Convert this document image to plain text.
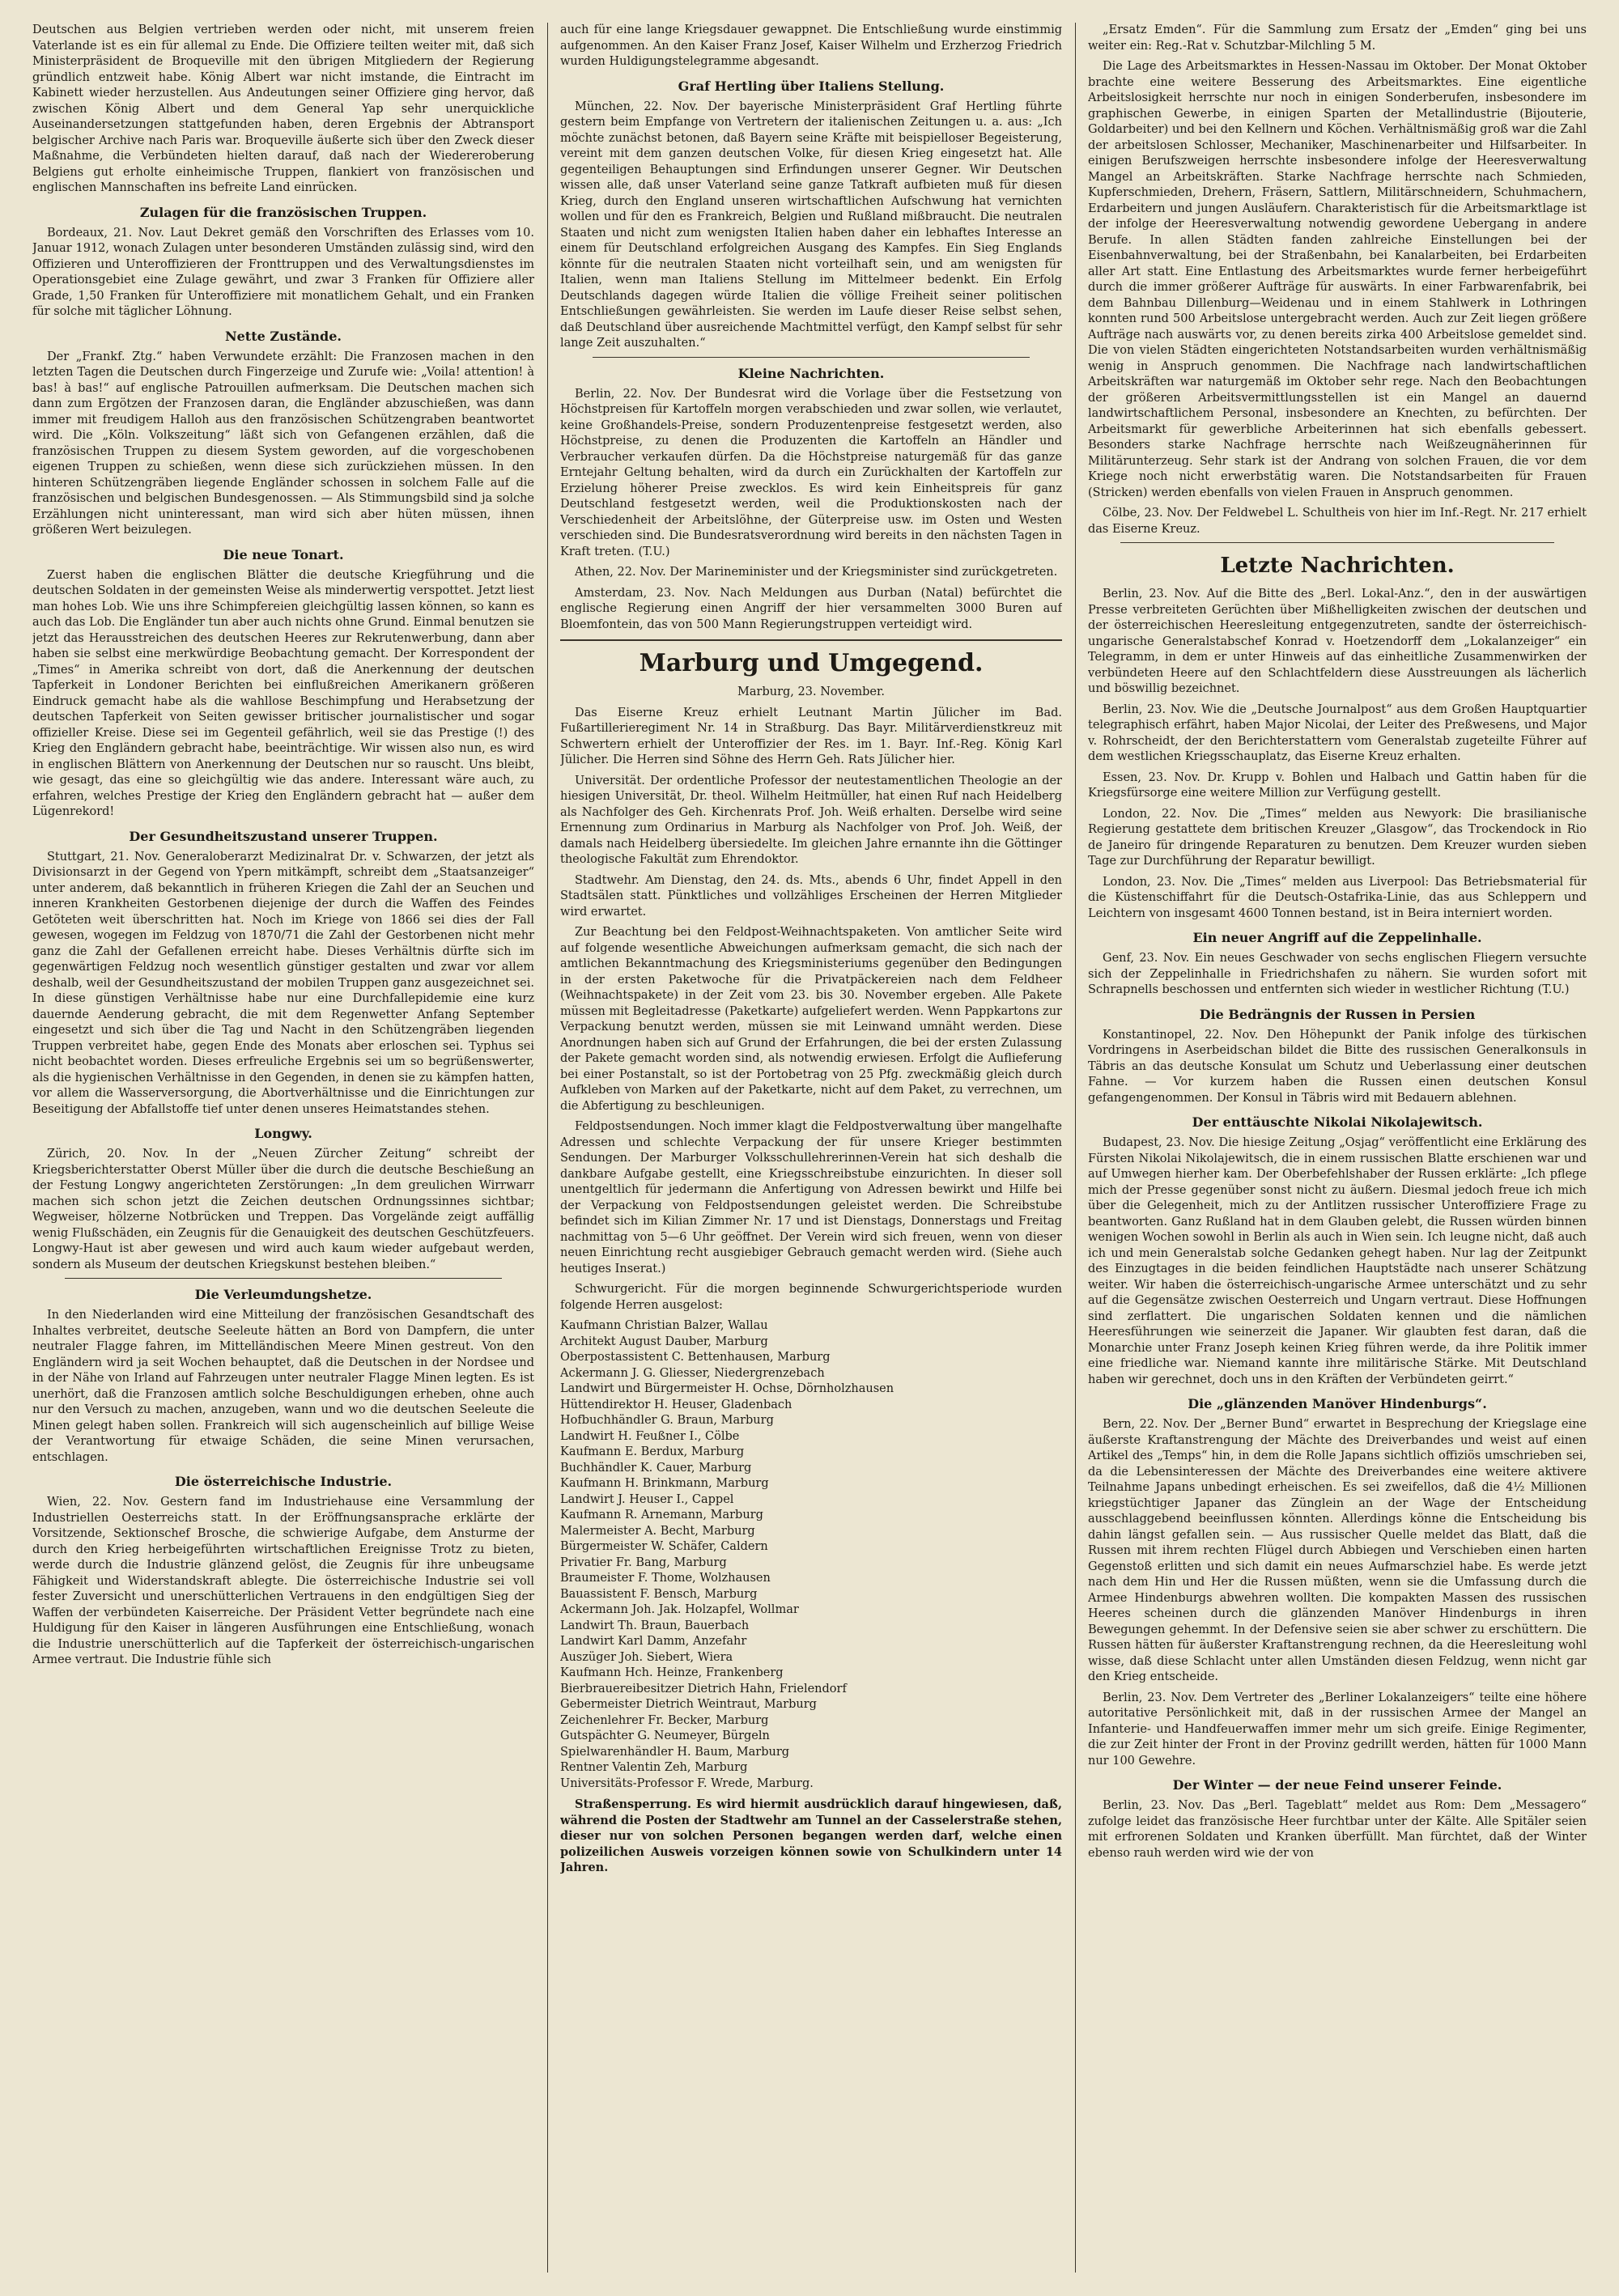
Deutschen aus Belgien vertrieben werden oder nicht, mit unserem freien Vaterlande ist es ein für allemal zu Ende. Die Offiziere teilten weiter mit, daß sich Ministerpräsident de Broqueville mit den übrigen Mitgliedern der Regierung gründlich entzweit habe. König Albert war nicht imstande, die Eintracht im Kabinett wieder herzustellen. Aus Andeutungen seiner Offiziere ging hervor, daß zwischen König Albert und dem General Yap sehr unerquickliche Auseinandersetzungen stattgefunden haben, deren Ergebnis der Abtransport belgischer Archive nach Paris war. Broqueville äußerte sich über den Zweck dieser Maßnahme, die Verbündeten hielten darauf, daß nach der Wiedereroberung Belgiens gut erholte einheimische Truppen, flankiert von französischen und englischen Mannschaften ins befreite Land einrücken.

Zulagen für die französischen Truppen.

Bordeaux, 21. Nov. Laut Dekret gemäß den Vorschriften des Erlasses vom 10. Januar 1912, wonach Zulagen unter besonderen Umständen zulässig sind, wird den Offizieren und Unteroffizieren der Fronttruppen und des Verwaltungsdienstes im Operationsgebiet eine Zulage gewährt, und zwar 3 Franken für Offiziere aller Grade, 1,50 Franken für Unteroffiziere mit monatlichem Gehalt, und ein Franken für solche mit täglicher Löhnung.

Nette Zustände.

Der „Frankf. Ztg.“ haben Verwundete erzählt: Die Franzosen machen in den letzten Tagen die Deutschen durch Fingerzeige und Zurufe wie: „Voila! attention! à bas! à bas!“ auf englische Patrouillen aufmerksam. Die Deutschen machen sich dann zum Ergötzen der Franzosen daran, die Engländer abzuschießen, was dann immer mit freudigem Halloh aus den französischen Schützengraben beantwortet wird. Die „Köln. Volkszeitung“ läßt sich von Gefangenen erzählen, daß die französischen Truppen zu diesem System geworden, auf die vorgeschobenen eigenen Truppen zu schießen, wenn diese sich zurückziehen müssen. In den hinteren Schützengräben liegende Engländer schossen in solchem Falle auf die französischen und belgischen Bundesgenossen. — Als Stimmungsbild sind ja solche Erzählungen nicht uninteressant, man wird sich aber hüten müssen, ihnen größeren Wert beizulegen.

Die neue Tonart.

Zuerst haben die englischen Blätter die deutsche Kriegführung und die deutschen Soldaten in der gemeinsten Weise als minderwertig verspottet. Jetzt liest man hohes Lob. Wie uns ihre Schimpfereien gleichgültig lassen können, so kann es auch das Lob. Die Engländer tun aber auch nichts ohne Grund. Einmal benutzen sie jetzt das Herausstreichen des deutschen Heeres zur Rekrutenwerbung, dann aber haben sie selbst eine merkwürdige Beobachtung gemacht. Der Korrespondent der „Times“ in Amerika schreibt von dort, daß die Anerkennung der deutschen Tapferkeit in Londoner Berichten bei einflußreichen Amerikanern größeren Eindruck gemacht habe als die wahllose Beschimpfung und Herabsetzung der deutschen Tapferkeit von Seiten gewisser britischer journalistischer und sogar offizieller Kreise. Diese sei im Gegenteil gefährlich, weil sie das Prestige (!) des Krieg den Engländern gebracht habe, beeinträchtige. Wir wissen also nun, es wird in englischen Blättern von Anerkennung der Deutschen nur so rauscht. Uns bleibt, wie gesagt, das eine so gleichgültig wie das andere. Interessant wäre auch, zu erfahren, welches Prestige der Krieg den Engländern gebracht hat — außer dem Lügenrekord!

Der Gesundheitszustand unserer Truppen.

Stuttgart, 21. Nov. Generaloberarzt Medizinalrat Dr. v. Schwarzen, der jetzt als Divisionsarzt in der Gegend von Ypern mitkämpft, schreibt dem „Staatsanzeiger“ unter anderem, daß bekanntlich in früheren Kriegen die Zahl der an Seuchen und inneren Krankheiten Gestorbenen diejenige der durch die Waffen des Feindes Getöteten weit überschritten hat. Noch im Kriege von 1866 sei dies der Fall gewesen, wogegen im Feldzug von 1870/71 die Zahl der Gestorbenen nicht mehr ganz die Zahl der Gefallenen erreicht habe. Dieses Verhältnis dürfte sich im gegenwärtigen Feldzug noch wesentlich günstiger gestalten und zwar vor allem deshalb, weil der Gesundheitszustand der mobilen Truppen ganz ausgezeichnet sei. In diese günstigen Verhältnisse habe nur eine Durchfallepidemie eine kurz dauernde Aenderung gebracht, die mit dem Regenwetter Anfang September eingesetzt und sich über die Tag und Nacht in den Schützengräben liegenden Truppen verbreitet habe, gegen Ende des Monats aber erloschen sei. Typhus sei nicht beobachtet worden. Dieses erfreuliche Ergebnis sei um so begrüßenswerter, als die hygienischen Verhältnisse in den Gegenden, in denen sie zu kämpfen hatten, vor allem die Wasserversorgung, die Abortverhältnisse und die Einrichtungen zur Beseitigung der Abfallstoffe tief unter denen unseres Heimatstandes stehen.

Longwy.

Zürich, 20. Nov. In der „Neuen Zürcher Zeitung“ schreibt der Kriegsberichterstatter Oberst Müller über die durch die deutsche Beschießung an der Festung Longwy angerichteten Zerstörungen: „In dem greulichen Wirrwarr machen sich schon jetzt die Zeichen deutschen Ordnungssinnes sichtbar; Wegweiser, hölzerne Notbrücken und Treppen. Das Vorgelände zeigt auffällig wenig Flußschäden, ein Zeugnis für die Genauigkeit des deutschen Geschützfeuers. Longwy-Haut ist aber gewesen und wird auch kaum wieder aufgebaut werden, sondern als Museum der deutschen Kriegskunst bestehen bleiben.“

Die Verleumdungshetze.

In den Niederlanden wird eine Mitteilung der französischen Gesandtschaft des Inhaltes verbreitet, deutsche Seeleute hätten an Bord von Dampfern, die unter neutraler Flagge fahren, im Mittelländischen Meere Minen gestreut. Von den Engländern wird ja seit Wochen behauptet, daß die Deutschen in der Nordsee und in der Nähe von Irland auf Fahrzeugen unter neutraler Flagge Minen legten. Es ist unerhört, daß die Franzosen amtlich solche Beschuldigungen erheben, ohne auch nur den Versuch zu machen, anzugeben, wann und wo die deutschen Seeleute die Minen gelegt haben sollen. Frankreich will sich augenscheinlich auf billige Weise der Verantwortung für etwaige Schäden, die seine Minen verursachen, entschlagen.

Die österreichische Industrie.

Wien, 22. Nov. Gestern fand im Industriehause eine Versammlung der Industriellen Oesterreichs statt. In der Eröffnungsansprache erklärte der Vorsitzende, Sektionschef Brosche, die schwierige Aufgabe, dem Ansturme der durch den Krieg herbeigeführten wirtschaftlichen Ereignisse Trotz zu bieten, werde durch die Industrie glänzend gelöst, die Zeugnis für ihre unbeugsame Fähigkeit und Widerstandskraft ablegte. Die österreichische Industrie sei voll fester Zuversicht und unerschütterlichen Vertrauens in den endgültigen Sieg der Waffen der verbündeten Kaiserreiche. Der Präsident Vetter begründete nach eine Huldigung für den Kaiser in längeren Ausführungen eine Entschließung, wonach die Industrie unerschütterlich auf die Tapferkeit der österreichisch-ungarischen Armee vertraut. Die Industrie fühle sich

auch für eine lange Kriegsdauer gewappnet. Die Entschließung wurde einstimmig aufgenommen. An den Kaiser Franz Josef, Kaiser Wilhelm und Erzherzog Friedrich wurden Huldigungstelegramme abgesandt.

Graf Hertling über Italiens Stellung.

München, 22. Nov. Der bayerische Ministerpräsident Graf Hertling führte gestern beim Empfange von Vertretern der italienischen Zeitungen u. a. aus: „Ich möchte zunächst betonen, daß Bayern seine Kräfte mit beispielloser Begeisterung, vereint mit dem ganzen deutschen Volke, für diesen Krieg eingesetzt hat. Alle gegenteiligen Behauptungen sind Erfindungen unserer Gegner. Wir Deutschen wissen alle, daß unser Vaterland seine ganze Tatkraft aufbieten muß für diesen Krieg, durch den England unseren wirtschaftlichen Aufschwung hat vernichten wollen und für den es Frankreich, Belgien und Rußland mißbraucht. Die neutralen Staaten und nicht zum wenigsten Italien haben daher ein lebhaftes Interesse an einem für Deutschland erfolgreichen Ausgang des Kampfes. Ein Sieg Englands könnte für die neutralen Staaten nicht vorteilhaft sein, und am wenigsten für Italien, wenn man Italiens Stellung im Mittelmeer bedenkt. Ein Erfolg Deutschlands dagegen würde Italien die völlige Freiheit seiner politischen Entschließungen gewährleisten. Sie werden im Laufe dieser Reise selbst sehen, daß Deutschland über ausreichende Machtmittel verfügt, den Kampf selbst für sehr lange Zeit auszuhalten.“

Kleine Nachrichten.

Berlin, 22. Nov. Der Bundesrat wird die Vorlage über die Festsetzung von Höchstpreisen für Kartoffeln morgen verabschieden und zwar sollen, wie verlautet, keine Großhandels-Preise, sondern Produzentenpreise festgesetzt werden, also Höchstpreise, zu denen die Produzenten die Kartoffeln an Händler und Verbraucher verkaufen dürfen. Da die Höchstpreise naturgemäß für das ganze Erntejahr Geltung behalten, wird da durch ein Zurückhalten der Kartoffeln zur Erzielung höherer Preise zwecklos. Es wird kein Einheitspreis für ganz Deutschland festgesetzt werden, weil die Produktionskosten nach der Verschiedenheit der Arbeitslöhne, der Güterpreise usw. im Osten und Westen verschieden sind. Die Bundesratsverordnung wird bereits in den nächsten Tagen in Kraft treten. (T.U.)

Athen, 22. Nov. Der Marineminister und der Kriegsminister sind zurückgetreten.

Amsterdam, 23. Nov. Nach Meldungen aus Durban (Natal) befürchtet die englische Regierung einen Angriff der hier versammelten 3000 Buren auf Bloemfontein, das von 500 Mann Regierungstruppen verteidigt wird.

Marburg und Umgegend.

Marburg, 23. November.

Das Eiserne Kreuz erhielt Leutnant Martin Jülicher im Bad. Fußartillerieregiment Nr. 14 in Straßburg. Das Bayr. Militärverdienstkreuz mit Schwertern erhielt der Unteroffizier der Res. im 1. Bayr. Inf.-Reg. König Karl Jülicher. Die Herren sind Söhne des Herrn Geh. Rats Jülicher hier.

Universität. Der ordentliche Professor der neutestamentlichen Theologie an der hiesigen Universität, Dr. theol. Wilhelm Heitmüller, hat einen Ruf nach Heidelberg als Nachfolger des Geh. Kirchenrats Prof. Joh. Weiß erhalten. Derselbe wird seine Ernennung zum Ordinarius in Marburg als Nachfolger von Prof. Joh. Weiß, der damals nach Heidelberg übersiedelte. Im gleichen Jahre ernannte ihn die Göttinger theologische Fakultät zum Ehrendoktor.

Stadtwehr. Am Dienstag, den 24. ds. Mts., abends 6 Uhr, findet Appell in den Stadtsälen statt. Pünktliches und vollzähliges Erscheinen der Herren Mitglieder wird erwartet.

Zur Beachtung bei den Feldpost-Weihnachtspaketen. Von amtlicher Seite wird auf folgende wesentliche Abweichungen aufmerksam gemacht, die sich nach der amtlichen Bekanntmachung des Kriegsministeriums gegenüber den Bedingungen in der ersten Paketwoche für die Privatpäckereien nach dem Feldheer (Weihnachtspakete) in der Zeit vom 23. bis 30. November ergeben. Alle Pakete müssen mit Begleitadresse (Paketkarte) aufgeliefert werden. Wenn Pappkartons zur Verpackung benutzt werden, müssen sie mit Leinwand umnäht werden. Diese Anordnungen haben sich auf Grund der Erfahrungen, die bei der ersten Zulassung der Pakete gemacht worden sind, als notwendig erwiesen. Erfolgt die Auflieferung bei einer Postanstalt, so ist der Portobetrag von 25 Pfg. zweckmäßig gleich durch Aufkleben von Marken auf der Paketkarte, nicht auf dem Paket, zu verrechnen, um die Abfertigung zu beschleunigen.

Feldpostsendungen. Noch immer klagt die Feldpostverwaltung über mangelhafte Adressen und schlechte Verpackung der für unsere Krieger bestimmten Sendungen. Der Marburger Volksschullehrerinnen-Verein hat sich deshalb die dankbare Aufgabe gestellt, eine Kriegsschreibstube einzurichten. In dieser soll unentgeltlich für jedermann die Anfertigung von Adressen bewirkt und Hilfe bei der Verpackung von Feldpostsendungen geleistet werden. Die Schreibstube befindet sich im Kilian Zimmer Nr. 17 und ist Dienstags, Donnerstags und Freitag nachmittag von 5—6 Uhr geöffnet. Der Verein wird sich freuen, wenn von dieser neuen Einrichtung recht ausgiebiger Gebrauch gemacht werden wird. (Siehe auch heutiges Inserat.)

Schwurgericht. Für die morgen beginnende Schwurgerichtsperiode wurden folgende Herren ausgelost:

Kaufmann Christian Balzer, Wallau
Architekt August Dauber, Marburg
Oberpostassistent C. Bettenhausen, Marburg
Ackermann J. G. Gliesser, Niedergrenzebach
Landwirt und Bürgermeister H. Ochse, Dörnholzhausen
Hüttendirektor H. Heuser, Gladenbach
Hofbuchhändler G. Braun, Marburg
Landwirt H. Feußner I., Cölbe
Kaufmann E. Berdux, Marburg
Buchhändler K. Cauer, Marburg
Kaufmann H. Brinkmann, Marburg
Landwirt J. Heuser I., Cappel
Kaufmann R. Arnemann, Marburg
Malermeister A. Becht, Marburg
Bürgermeister W. Schäfer, Caldern
Privatier Fr. Bang, Marburg
Braumeister F. Thome, Wolzhausen
Bauassistent F. Bensch, Marburg
Ackermann Joh. Jak. Holzapfel, Wollmar
Landwirt Th. Braun, Bauerbach
Landwirt Karl Damm, Anzefahr
Auszüger Joh. Siebert, Wiera
Kaufmann Hch. Heinze, Frankenberg
Bierbrauereibesitzer Dietrich Hahn, Frielendorf
Gebermeister Dietrich Weintraut, Marburg
Zeichenlehrer Fr. Becker, Marburg
Gutspächter G. Neumeyer, Bürgeln
Spielwarenhändler H. Baum, Marburg
Rentner Valentin Zeh, Marburg
Universitäts-Professor F. Wrede, Marburg.

Straßensperrung. Es wird hiermit ausdrücklich darauf hingewiesen, daß, während die Posten der Stadtwehr am Tunnel an der Casselerstraße stehen, dieser nur von solchen Personen begangen werden darf, welche einen polizeilichen Ausweis vorzeigen können sowie von Schulkindern unter 14 Jahren.

„Ersatz Emden“. Für die Sammlung zum Ersatz der „Emden“ ging bei uns weiter ein: Reg.-Rat v. Schutzbar-Milchling 5 M.

Die Lage des Arbeitsmarktes in Hessen-Nassau im Oktober. Der Monat Oktober brachte eine weitere Besserung des Arbeitsmarktes. Eine eigentliche Arbeitslosigkeit herrschte nur noch in einigen Sonderberufen, insbesondere im graphischen Gewerbe, in einigen Sparten der Metallindustrie (Bijouterie, Goldarbeiter) und bei den Kellnern und Köchen. Verhältnismäßig groß war die Zahl der arbeitslosen Schlosser, Mechaniker, Maschinenarbeiter und Hilfsarbeiter. In einigen Berufszweigen herrschte insbesondere infolge der Heeresverwaltung Mangel an Arbeitskräften. Starke Nachfrage herrschte nach Schmieden, Kupferschmieden, Drehern, Fräsern, Sattlern, Militärschneidern, Schuhmachern, Erdarbeitern und jungen Ausläufern. Charakteristisch für die Arbeitsmarktlage ist der infolge der Heeresverwaltung notwendig gewordene Uebergang in andere Berufe. In allen Städten fanden zahlreiche Einstellungen bei der Eisenbahnverwaltung, bei der Straßenbahn, bei Kanalarbeiten, bei Erdarbeiten aller Art statt. Eine Entlastung des Arbeitsmarktes wurde ferner herbeigeführt durch die immer größerer Aufträge für auswärts. In einer Farbwarenfabrik, bei dem Bahnbau Dillenburg—Weidenau und in einem Stahlwerk in Lothringen konnten rund 500 Arbeitslose untergebracht werden. Auch zur Zeit liegen größere Aufträge nach auswärts vor, zu denen bereits zirka 400 Arbeitslose gemeldet sind. Die von vielen Städten eingerichteten Notstandsarbeiten wurden verhältnismäßig wenig in Anspruch genommen. Die Nachfrage nach landwirtschaftlichen Arbeitskräften war naturgemäß im Oktober sehr rege. Nach den Beobachtungen der größeren Arbeitsvermittlungsstellen ist ein Mangel an dauernd landwirtschaftlichem Personal, insbesondere an Knechten, zu befürchten. Der Arbeitsmarkt für gewerbliche Arbeiterinnen hat sich ebenfalls gebessert. Besonders starke Nachfrage herrschte nach Weißzeugnäherinnen für Militärunterzeug. Sehr stark ist der Andrang von solchen Frauen, die vor dem Kriege noch nicht erwerbstätig waren. Die Notstandsarbeiten für Frauen (Stricken) werden ebenfalls von vielen Frauen in Anspruch genommen.

Cölbe, 23. Nov. Der Feldwebel L. Schultheis von hier im Inf.-Regt. Nr. 217 erhielt das Eiserne Kreuz.

Letzte Nachrichten.

Berlin, 23. Nov. Auf die Bitte des „Berl. Lokal-Anz.“, den in der auswärtigen Presse verbreiteten Gerüchten über Mißhelligkeiten zwischen der deutschen und der österreichischen Heeresleitung entgegenzutreten, sandte der österreichisch-ungarische Generalstabschef Konrad v. Hoetzendorff dem „Lokalanzeiger“ ein Telegramm, in dem er unter Hinweis auf das einheitliche Zusammenwirken der verbündeten Heere auf den Schlachtfeldern diese Ausstreuungen als lächerlich und böswillig bezeichnet.

Berlin, 23. Nov. Wie die „Deutsche Journalpost“ aus dem Großen Hauptquartier telegraphisch erfährt, haben Major Nicolai, der Leiter des Preßwesens, und Major v. Rohrscheidt, der den Berichterstattern vom Generalstab zugeteilte Führer auf dem westlichen Kriegsschauplatz, das Eiserne Kreuz erhalten.

Essen, 23. Nov. Dr. Krupp v. Bohlen und Halbach und Gattin haben für die Kriegsfürsorge eine weitere Million zur Verfügung gestellt.

London, 22. Nov. Die „Times“ melden aus Newyork: Die brasilianische Regierung gestattete dem britischen Kreuzer „Glasgow“, das Trockendock in Rio de Janeiro für dringende Reparaturen zu benutzen. Dem Kreuzer wurden sieben Tage zur Durchführung der Reparatur bewilligt.

London, 23. Nov. Die „Times“ melden aus Liverpool: Das Betriebsmaterial für die Küstenschiffahrt für die Deutsch-Ostafrika-Linie, das aus Schleppern und Leichtern von insgesamt 4600 Tonnen bestand, ist in Beira interniert worden.

Ein neuer Angriff auf die Zeppelinhalle.

Genf, 23. Nov. Ein neues Geschwader von sechs englischen Fliegern versuchte sich der Zeppelinhalle in Friedrichshafen zu nähern. Sie wurden sofort mit Schrapnells beschossen und entfernten sich wieder in westlicher Richtung (T.U.)

Die Bedrängnis der Russen in Persien

Konstantinopel, 22. Nov. Den Höhepunkt der Panik infolge des türkischen Vordringens in Aserbeidschan bildet die Bitte des russischen Generalkonsuls in Täbris an das deutsche Konsulat um Schutz und Ueberlassung einer deutschen Fahne. — Vor kurzem haben die Russen einen deutschen Konsul gefangengenommen. Der Konsul in Täbris wird mit Bedauern ablehnen.

Der enttäuschte Nikolai Nikolajewitsch.

Budapest, 23. Nov. Die hiesige Zeitung „Osjag“ veröffentlicht eine Erklärung des Fürsten Nikolai Nikolajewitsch, die in einem russischen Blatte erschienen war und auf Umwegen hierher kam. Der Oberbefehlshaber der Russen erklärte: „Ich pflege mich der Presse gegenüber sonst nicht zu äußern. Diesmal jedoch freue ich mich über die Gelegenheit, mich zu der Antlitzen russischer Unteroffiziere Frage zu beantworten. Ganz Rußland hat in dem Glauben gelebt, die Russen würden binnen wenigen Wochen sowohl in Berlin als auch in Wien sein. Ich leugne nicht, daß auch ich und mein Generalstab solche Gedanken gehegt haben. Nur lag der Zeitpunkt des Einzugtages in die beiden feindlichen Hauptstädte nach unserer Schätzung weiter. Wir haben die österreichisch-ungarische Armee unterschätzt und zu sehr auf die Gegensätze zwischen Oesterreich und Ungarn vertraut. Diese Hoffnungen sind zerflattert. Die ungarischen Soldaten kennen und die nämlichen Heeresführungen wie seinerzeit die Japaner. Wir glaubten fest daran, daß die Monarchie unter Franz Joseph keinen Krieg führen werde, da ihre Politik immer eine friedliche war. Niemand kannte ihre militärische Stärke. Mit Deutschland haben wir gerechnet, doch uns in den Kräften der Verbündeten geirrt.“

Die „glänzenden Manöver Hindenburgs“.

Bern, 22. Nov. Der „Berner Bund“ erwartet in Besprechung der Kriegslage eine äußerste Kraftanstrengung der Mächte des Dreiverbandes und weist auf einen Artikel des „Temps“ hin, in dem die Rolle Japans sichtlich offiziös umschrieben sei, da die Lebensinteressen der Mächte des Dreiverbandes eine weitere aktivere Teilnahme Japans unbedingt erheischen. Es sei zweifellos, daß die 4½ Millionen kriegstüchtiger Japaner das Zünglein an der Wage der Entscheidung ausschlaggebend beeinflussen könnten. Allerdings könne die Entscheidung bis dahin längst gefallen sein. — Aus russischer Quelle meldet das Blatt, daß die Russen mit ihrem rechten Flügel durch Abbiegen und Verschieben einen harten Gegenstoß erlitten und sich damit ein neues Aufmarschziel habe. Es werde jetzt nach dem Hin und Her die Russen müßten, wenn sie die Umfassung durch die Armee Hindenburgs abwehren wollten. Die kompakten Massen des russischen Heeres scheinen durch die glänzenden Manöver Hindenburgs in ihren Bewegungen gehemmt. In der Defensive seien sie aber schwer zu erschüttern. Die Russen hätten für äußerster Kraftanstrengung rechnen, da die Heeresleitung wohl wisse, daß diese Schlacht unter allen Umständen diesen Feldzug, wenn nicht gar den Krieg entscheide.

Berlin, 23. Nov. Dem Vertreter des „Berliner Lokalanzeigers“ teilte eine höhere autoritative Persönlichkeit mit, daß in der russischen Armee der Mangel an Infanterie- und Handfeuerwaffen immer mehr um sich greife. Einige Regimenter, die zur Zeit hinter der Front in der Provinz gedrillt werden, hätten für 1000 Mann nur 100 Gewehre.

Der Winter — der neue Feind unserer Feinde.

Berlin, 23. Nov. Das „Berl. Tageblatt“ meldet aus Rom: Dem „Messagero“ zufolge leidet das französische Heer furchtbar unter der Kälte. Alle Spitäler seien mit erfrorenen Soldaten und Kranken überfüllt. Man fürchtet, daß der Winter ebenso rauh werden wird wie der von
